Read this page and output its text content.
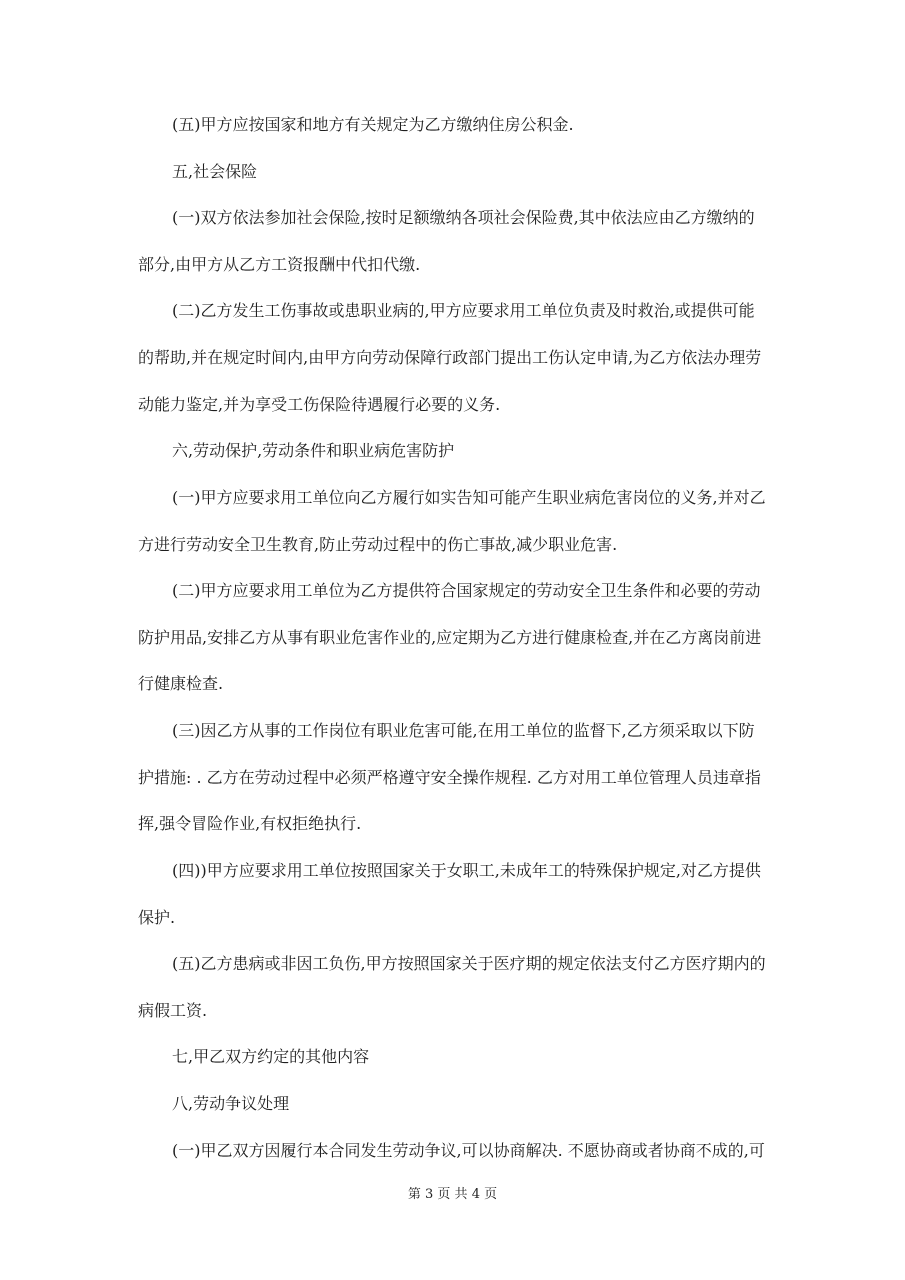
(五)甲方应按国家和地方有关规定为乙方缴纳住房公积金.
五,社会保险
(一)双方依法参加社会保险,按时足额缴纳各项社会保险费,其中依法应由乙方缴纳的
部分,由甲方从乙方工资报酬中代扣代缴.
(二)乙方发生工伤事故或患职业病的,甲方应要求用工单位负责及时救治,或提供可能
的帮助,并在规定时间内,由甲方向劳动保障行政部门提出工伤认定申请,为乙方依法办理劳
动能力鉴定,并为享受工伤保险待遇履行必要的义务.
六,劳动保护,劳动条件和职业病危害防护
(一)甲方应要求用工单位向乙方履行如实告知可能产生职业病危害岗位的义务,并对乙
方进行劳动安全卫生教育,防止劳动过程中的伤亡事故,减少职业危害.
(二)甲方应要求用工单位为乙方提供符合国家规定的劳动安全卫生条件和必要的劳动
防护用品,安排乙方从事有职业危害作业的,应定期为乙方进行健康检查,并在乙方离岗前进
行健康检查.
(三)因乙方从事的工作岗位有职业危害可能,在用工单位的监督下,乙方须采取以下防
护措施: . 乙方在劳动过程中必须严格遵守安全操作规程. 乙方对用工单位管理人员违章指
挥,强令冒险作业,有权拒绝执行.
(四))甲方应要求用工单位按照国家关于女职工,未成年工的特殊保护规定,对乙方提供
保护.
(五)乙方患病或非因工负伤,甲方按照国家关于医疗期的规定依法支付乙方医疗期内的
病假工资.
七,甲乙双方约定的其他内容
八,劳动争议处理
(一)甲乙双方因履行本合同发生劳动争议,可以协商解决. 不愿协商或者协商不成的,可
第 3 页 共 4 页
